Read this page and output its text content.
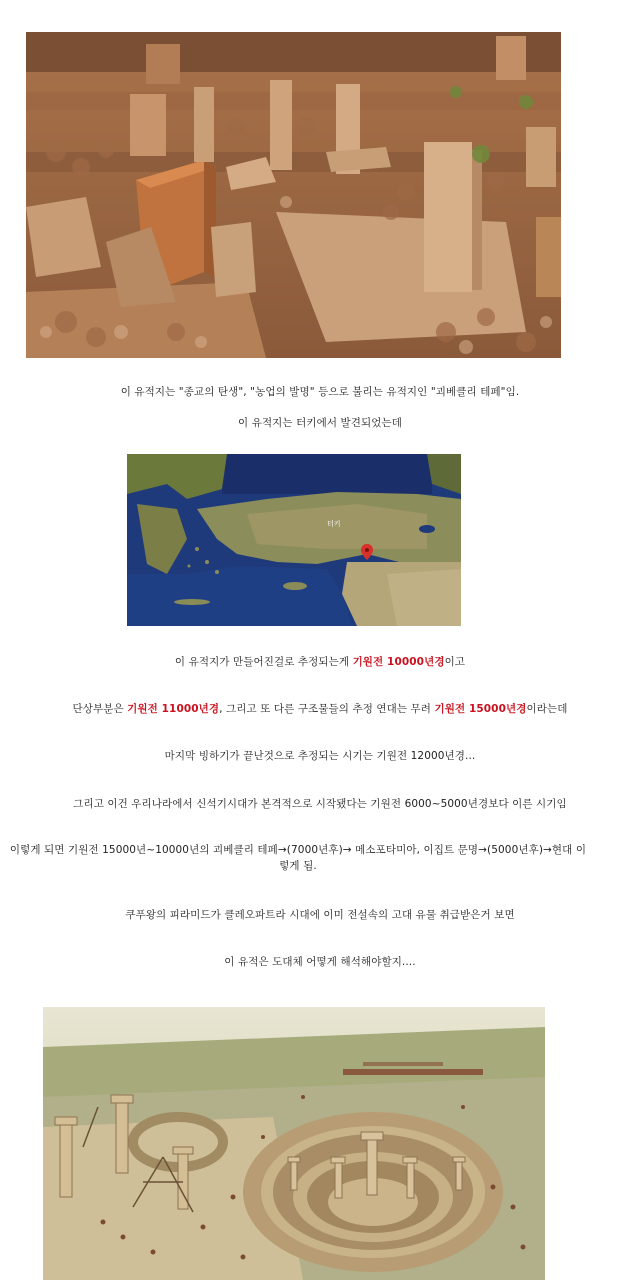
이 유적지는 "종교의 탄생", "농업의 발명" 등으로 불리는 유적지인 "괴베클리 테페"임.

이 유적지는 터키에서 발견되었는데

터키

이 유적지가 만들어진걸로 추정되는게 기원전 10000년경이고

단상부분은 기원전 11000년경, 그리고 또 다른 구조물들의 추정 연대는 무려 기원전 15000년경이라는데

마지막 빙하기가 끝난것으로 추정되는 시기는 기원전 12000년경...

그리고 이건 우리나라에서 신석기시대가 본격적으로 시작됐다는 기원전 6000~5000년경보다 이른 시기임

이렇게 되면 기원전 15000년~10000년의 괴베클리 테페→(7000년후)→ 메소포타미아, 이집트 문명→(5000년후)→현대 이렇게 됨.

쿠푸왕의 피라미드가 클레오파트라 시대에 이미 전설속의 고대 유물 취급받은거 보면

이 유적은 도대체 어떻게 해석해야할지....
